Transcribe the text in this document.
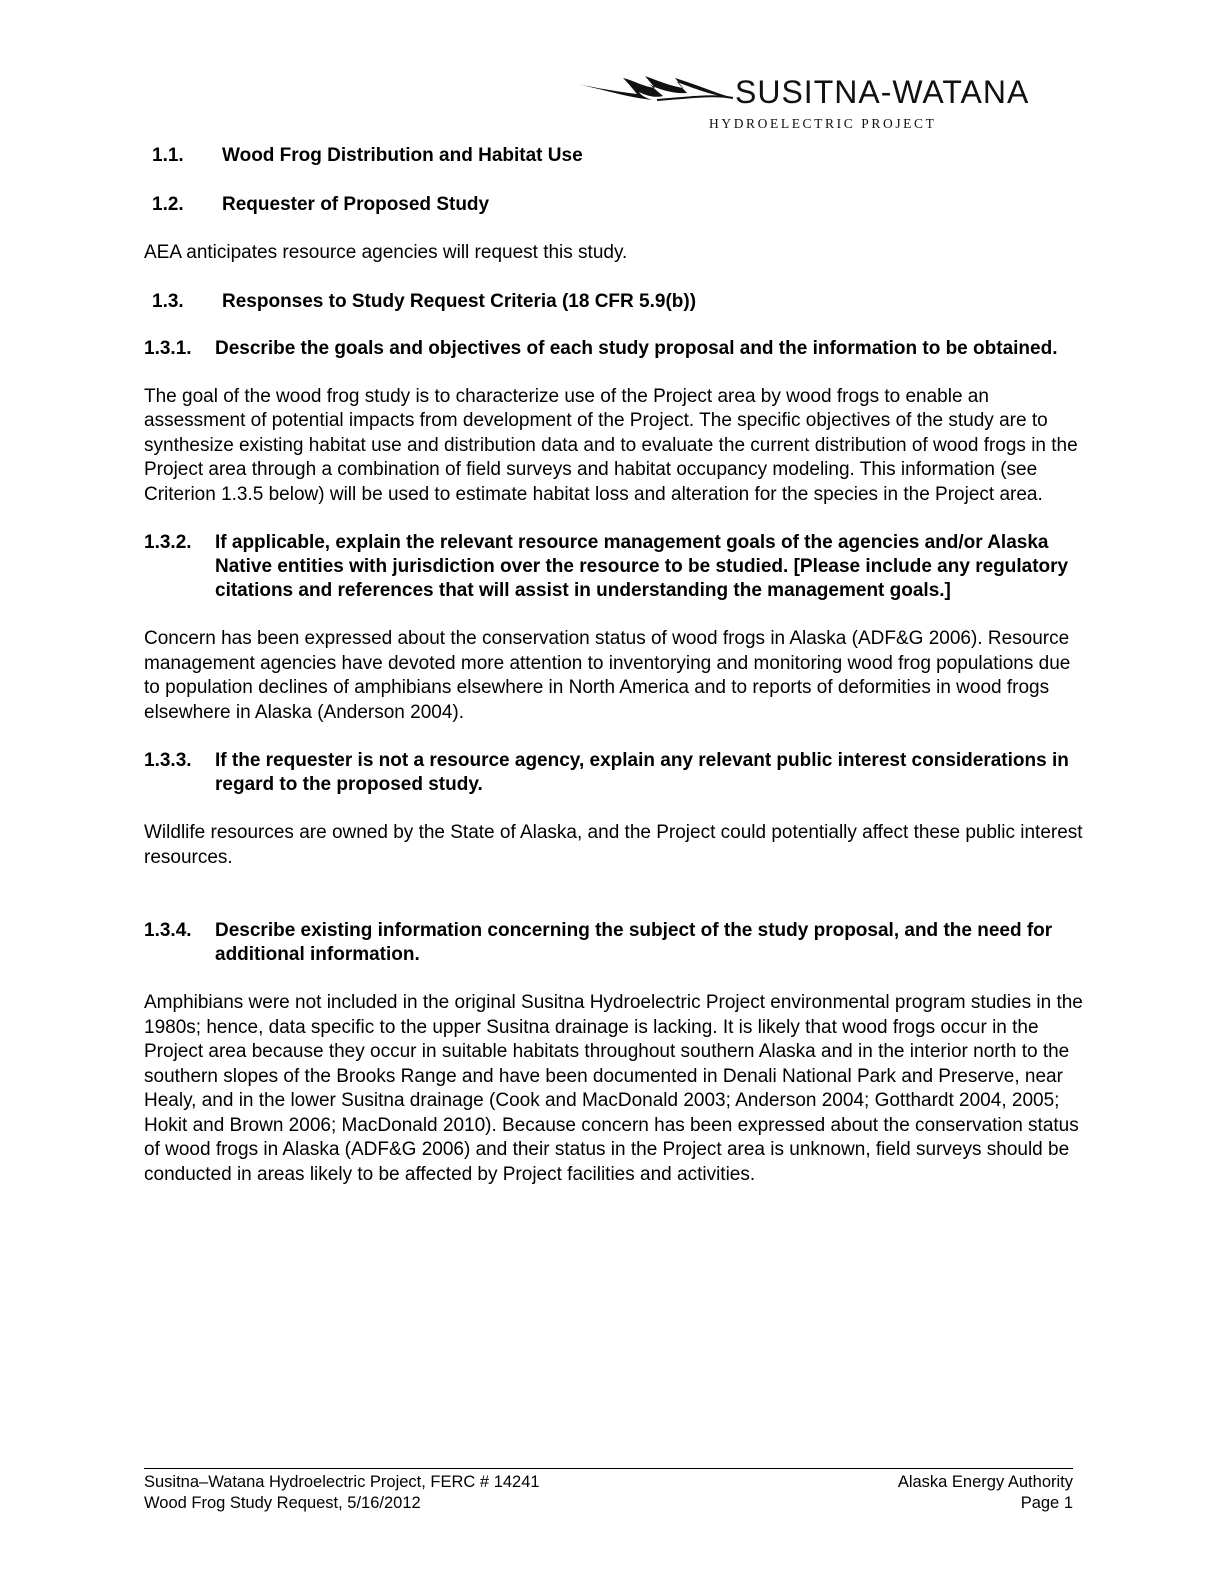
SUSITNA-WATANA
HYDROELECTRIC PROJECT
1.1.	Wood Frog Distribution and Habitat Use
1.2.	Requester of Proposed Study

AEA anticipates resource agencies will request this study.

1.3.	Responses to Study Request Criteria (18 CFR 5.9(b))
1.3.1.	Describe the goals and objectives of each study proposal and the information to be obtained.

The goal of the wood frog study is to characterize use of the Project area by wood frogs to enable an assessment of potential impacts from development of the Project. The specific objectives of the study are to synthesize existing habitat use and distribution data and to evaluate the current distribution of wood frogs in the Project area through a combination of field surveys and habitat occupancy modeling. This information (see Criterion 1.3.5 below) will be used to estimate habitat loss and alteration for the species in the Project area.

1.3.2.	If applicable, explain the relevant resource management goals of the agencies and/or Alaska Native entities with jurisdiction over the resource to be studied. [Please include any regulatory citations and references that will assist in understanding the management goals.]

Concern has been expressed about the conservation status of wood frogs in Alaska (ADF&G 2006). Resource management agencies have devoted more attention to inventorying and monitoring wood frog populations due to population declines of amphibians elsewhere in North America and to reports of deformities in wood frogs elsewhere in Alaska (Anderson 2004).

1.3.3.	If the requester is not a resource agency, explain any relevant public interest considerations in regard to the proposed study.

Wildlife resources are owned by the State of Alaska, and the Project could potentially affect these public interest resources.

1.3.4.	Describe existing information concerning the subject of the study proposal, and the need for additional information.

Amphibians were not included in the original Susitna Hydroelectric Project environmental program studies in the 1980s; hence, data specific to the upper Susitna drainage is lacking. It is likely that wood frogs occur in the Project area because they occur in suitable habitats throughout southern Alaska and in the interior north to the southern slopes of the Brooks Range and have been documented in Denali National Park and Preserve, near Healy, and in the lower Susitna drainage (Cook and MacDonald 2003; Anderson 2004; Gotthardt 2004, 2005; Hokit and Brown 2006; MacDonald 2010). Because concern has been expressed about the conservation status of wood frogs in Alaska (ADF&G 2006) and their status in the Project area is unknown, field surveys should be conducted in areas likely to be affected by Project facilities and activities.

Susitna–Watana Hydroelectric Project, FERC # 14241	Alaska Energy Authority
Wood Frog Study Request, 5/16/2012	Page 1
